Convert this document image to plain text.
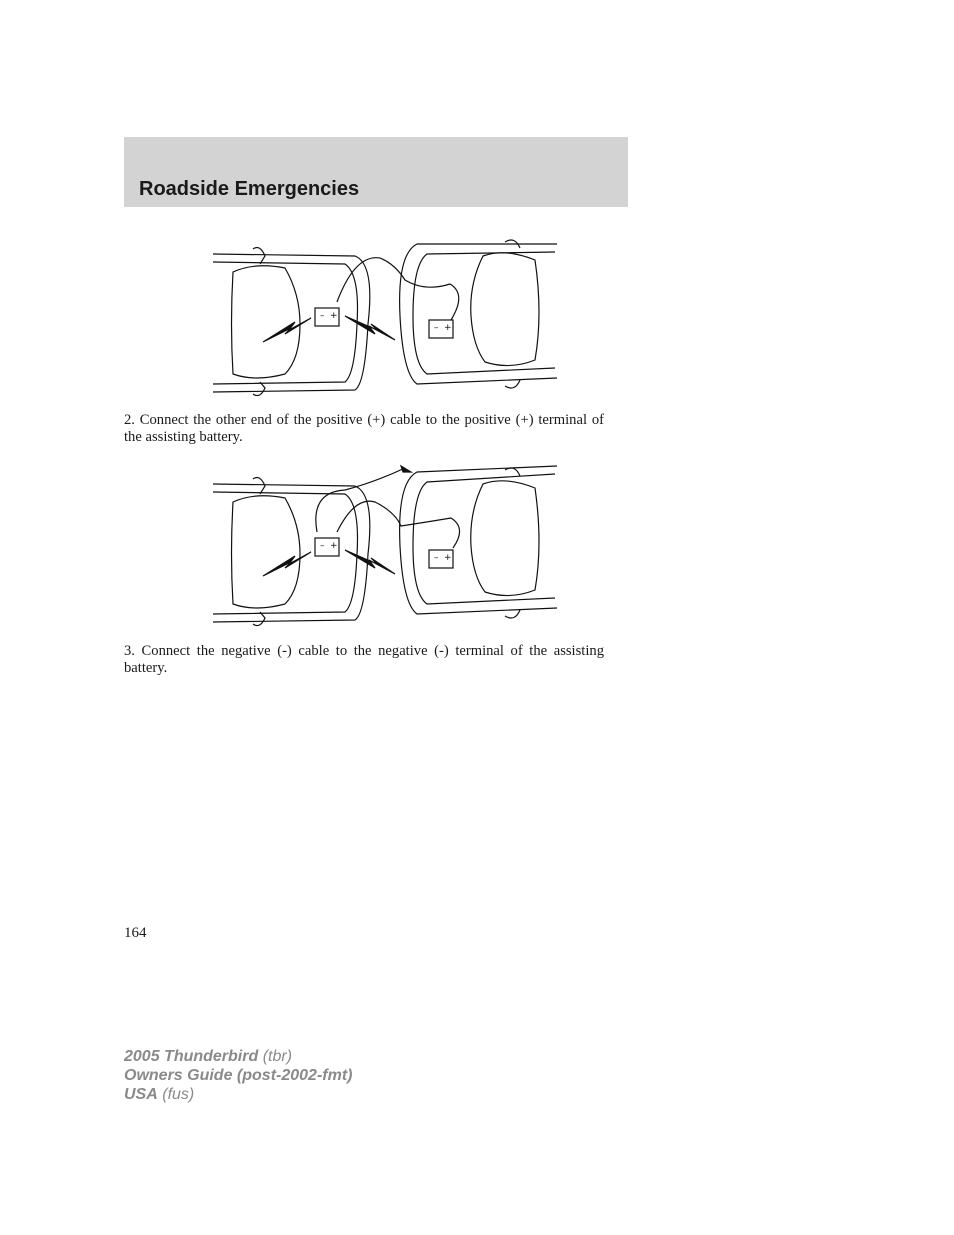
Roadside Emergencies
– +
– +

2. Connect the other end of the positive (+) cable to the positive (+) terminal of the assisting battery.

– +
– +

3. Connect the negative (-) cable to the negative (-) terminal of the assisting battery.

164
2005 Thunderbird (tbr)
Owners Guide (post-2002-fmt)
USA (fus)
